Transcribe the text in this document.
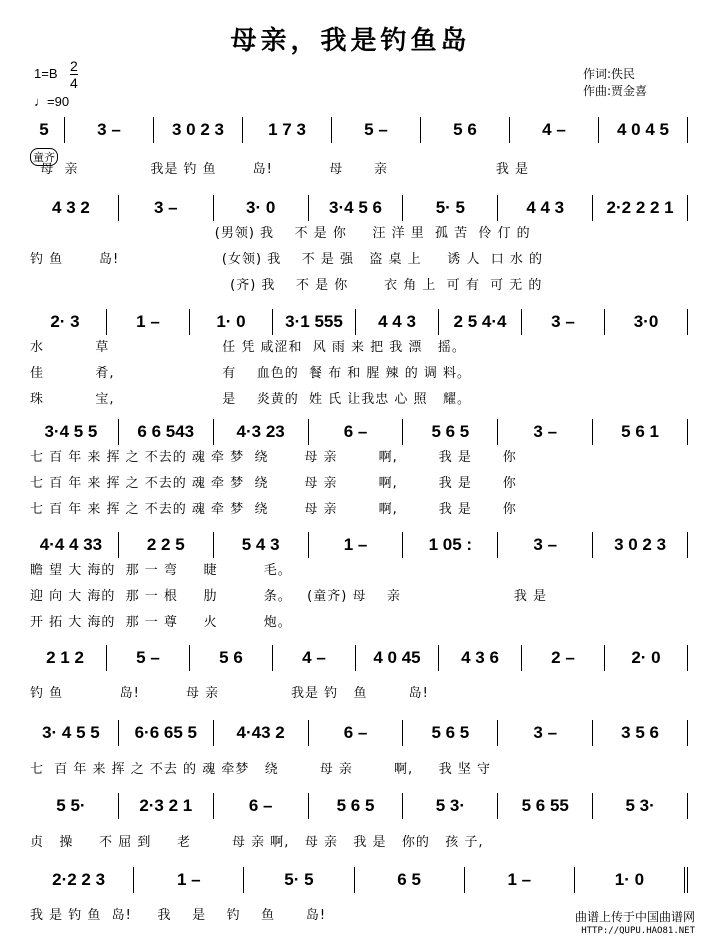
母亲，我是钓鱼岛
1=B 2
4
♩=90
作词:佚民
作曲:贾金喜
童齐
5	3 –	3 0 2 3	1 7 3	5 –	5 6	4 –	4 0 4 5
母  亲              我是 钓 鱼       岛!           母      亲                     我 是
4 3 2	3 –	3· 0	3·4 5 6	5· 5	4 4 3	2·2 2 2 1
(男领) 我    不 是 你     汪 洋 里  孤 苦  伶 仃 的
钓 鱼       岛!                    (女领) 我    不 是 强   盗 桌 上     诱 人  口 水 的
(齐) 我    不 是 你       衣 角 上  可 有  可 无 的
2· 3	1 –	1· 0	3·1 555	4 4 3	2 5 4·4	3 –	3·0
水          草                      任 凭 咸涩和  风 雨 来 把 我 漂   摇。
佳          肴,                     有    血色的  餐 布 和 腥 辣 的 调 料。
珠          宝,                     是    炎黄的  姓 氏 让我忠 心 照   耀。
3·4 5 5	6 6 543	4·3 23	6 –	5 6 5	3 –	5 6 1
七 百 年 来 挥 之 不去的 魂 牵 梦  绕       母 亲        啊,        我 是      你
七 百 年 来 挥 之 不去的 魂 牵 梦  绕       母 亲        啊,        我 是      你
七 百 年 来 挥 之 不去的 魂 牵 梦  绕       母 亲        啊,        我 是      你
4·4 4 33	2 2 5	5 4 3	1 –	1 05 :	3 –	3 0 2 3
瞻 望 大 海的  那 一 弯     睫         毛。
迎 向 大 海的  那 一 根     肋         条。   (童齐) 母    亲                      我 是
开 拓 大 海的  那 一 尊     火         炮。
2 1 2	5 –	5 6	4 –	4 0 45	4 3 6	2 –	2· 0
钓 鱼           岛!         母 亲              我是 钓   鱼        岛!
3· 4 5 5	6·6 65 5	4·43 2	6 –	5 6 5	3 –	3 5 6
七  百 年 来 挥 之 不去 的 魂 牵梦   绕        母 亲        啊,     我 坚 守
5 5·	2·3 2 1	6 –	5 6 5	5 3·	5 6 55	5 3·
贞   操     不 屈 到     老        母 亲 啊,   母 亲   我 是   你的   孩 子,
2·2 2 3	1 –	5· 5	6 5	1 –	1· 0
我 是 钓 鱼  岛!     我    是    钓    鱼      岛!	曲谱上传于中国曲谱网
HTTP://QUPU.HAO81.NET
